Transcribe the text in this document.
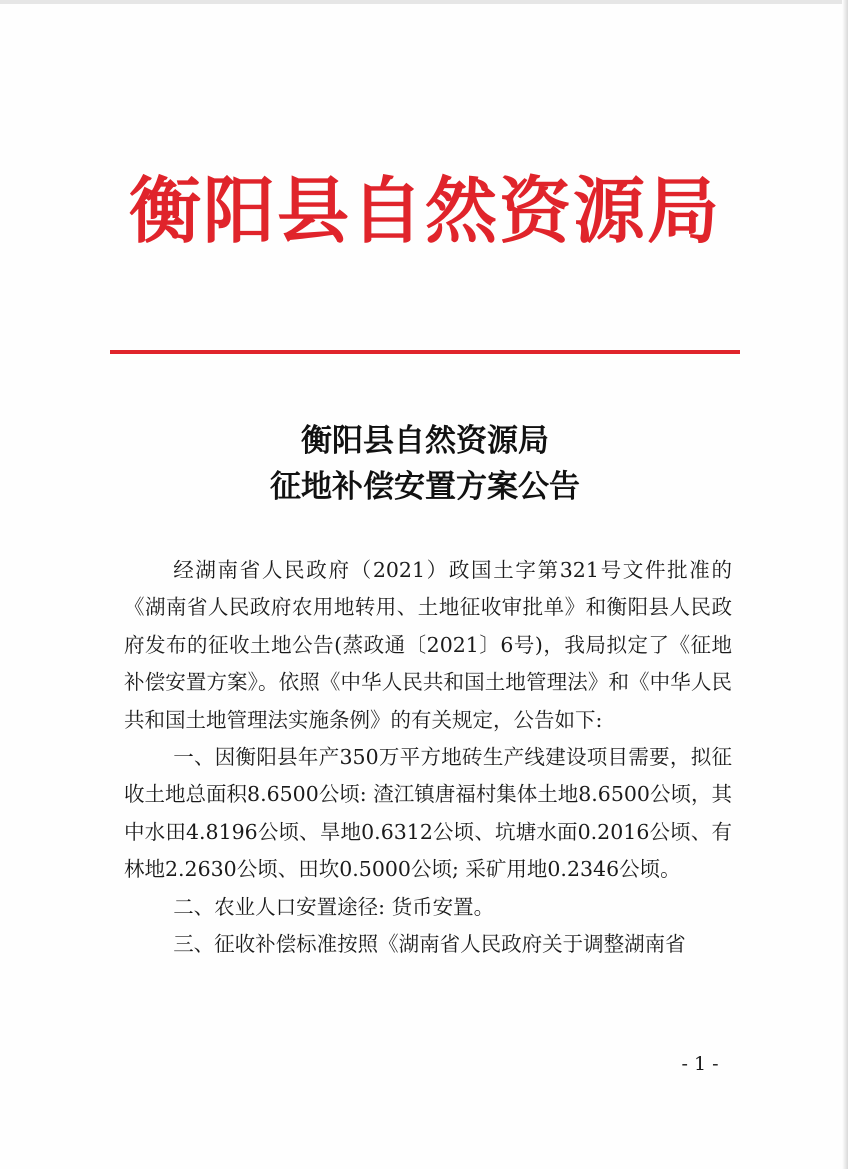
衡阳县自然资源局
衡阳县自然资源局
征地补偿安置方案公告

经湖南省人民政府（2021）政国土字第321号文件批准的《湖南省人民政府农用地转用、土地征收审批单》和衡阳县人民政府发布的征收土地公告(蒸政通〔2021〕6号)，我局拟定了《征地补偿安置方案》。依照《中华人民共和国土地管理法》和《中华人民共和国土地管理法实施条例》的有关规定，公告如下:

一、因衡阳县年产350万平方地砖生产线建设项目需要，拟征收土地总面积8.6500公顷: 渣江镇唐福村集体土地8.6500公顷，其中水田4.8196公顷、旱地0.6312公顷、坑塘水面0.2016公顷、有林地2.2630公顷、田坎0.5000公顷; 采矿用地0.2346公顷。

二、农业人口安置途径: 货币安置。

三、征收补偿标准按照《湖南省人民政府关于调整湖南省

- 1 -
